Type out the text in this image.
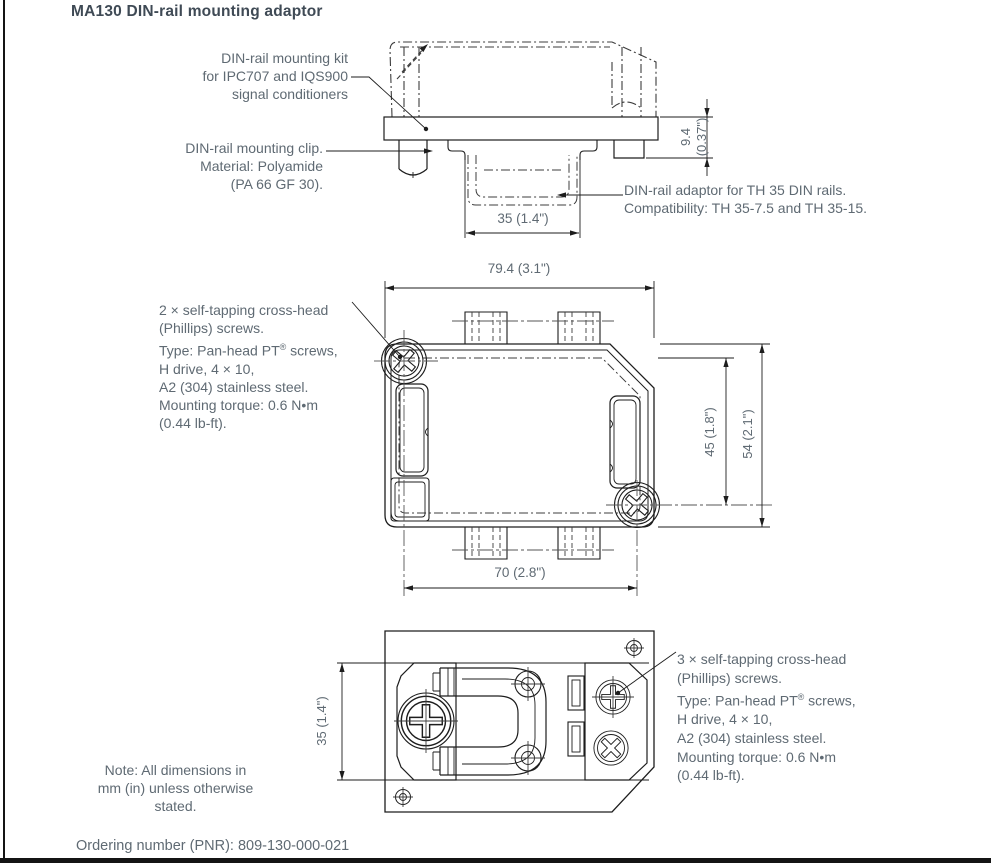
MA130 DIN-rail mounting adaptor
DIN-rail mounting kit
for IPC707 and IQS900
signal conditioners
DIN-rail mounting clip.
Material: Polyamide
(PA 66 GF 30).	DIN-rail adaptor for TH 35 DIN rails.
Compatibility: TH 35-7.5 and TH 35-15.
2 × self-tapping cross-head
(Phillips) screws.
Type: Pan-head PT® screws,
H drive, 4 × 10,
A2 (304) stainless steel.
Mounting torque: 0.6 N•m
(0.44 lb-ft).
3 × self-tapping cross-head
(Phillips) screws.
Type: Pan-head PT® screws,
H drive, 4 × 10,
A2 (304) stainless steel.
Mounting torque: 0.6 N•m
(0.44 lb-ft).
Note: All dimensions in
mm (in) unless otherwise
stated.
35 (1.4")
9.4 (0.37")
79.4 (3.1")
45 (1.8") 54 (2.1")
70 (2.8")
35 (1.4")
Ordering number (PNR): 809-130-000-021
